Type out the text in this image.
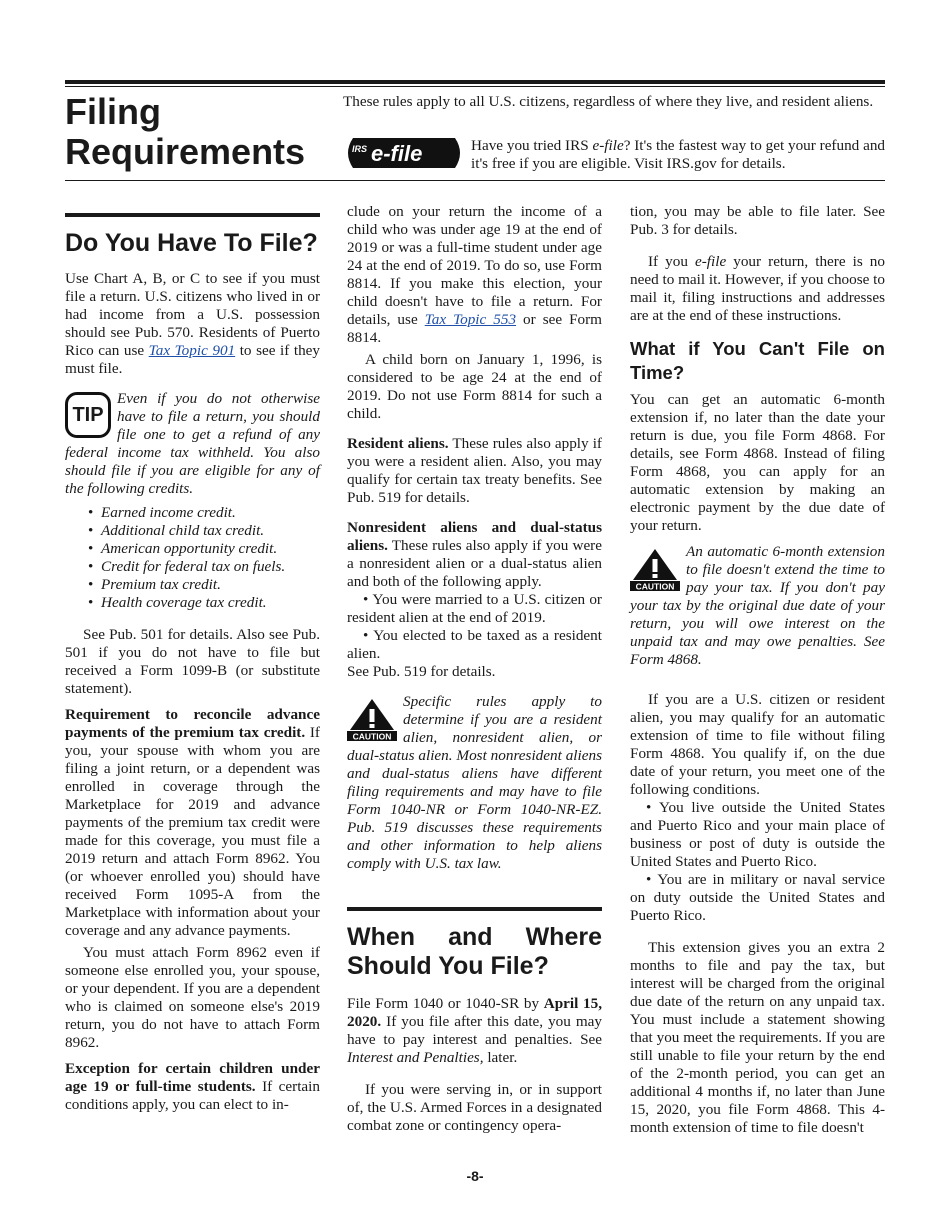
Filing
Requirements

These rules apply to all U.S. citizens, regardless of where they live, and resident aliens.

IRS e-file	Have you tried IRS e-file? It's the fastest way to get your refund and it's free if you are eligible. Visit IRS.gov for details.

Do You Have To File?

Use Chart A, B, or C to see if you must file a return. U.S. citizens who lived in or had income from a U.S. possession should see Pub. 570. Residents of Puerto Rico can use Tax Topic 901 to see if they must file.

TIP

Even if you do not otherwise have to file a return, you should file one to get a refund of any federal income tax withheld. You also should file if you are eligible for any of the following credits.

• Earned income credit.
• Additional child tax credit.
• American opportunity credit.
• Credit for federal tax on fuels.
• Premium tax credit.
• Health coverage tax credit.

See Pub. 501 for details. Also see Pub. 501 if you do not have to file but received a Form 1099-B (or substitute statement).

Requirement to reconcile advance payments of the premium tax credit. If you, your spouse with whom you are filing a joint return, or a dependent was enrolled in coverage through the Marketplace for 2019 and advance payments of the premium tax credit were made for this coverage, you must file a 2019 return and attach Form 8962. You (or whoever enrolled you) should have received Form 1095-A from the Marketplace with information about your coverage and any advance payments.

You must attach Form 8962 even if someone else enrolled you, your spouse, or your dependent. If you are a dependent who is claimed on someone else's 2019 return, you do not have to attach Form 8962.

Exception for certain children under age 19 or full-time students. If certain conditions apply, you can elect to in-

clude on your return the income of a child who was under age 19 at the end of 2019 or was a full-time student under age 24 at the end of 2019. To do so, use Form 8814. If you make this election, your child doesn't have to file a return. For details, use Tax Topic 553 or see Form 8814.

A child born on January 1, 1996, is considered to be age 24 at the end of 2019. Do not use Form 8814 for such a child.

Resident aliens. These rules also apply if you were a resident alien. Also, you may qualify for certain tax treaty benefits. See Pub. 519 for details.

Nonresident aliens and dual-status aliens. These rules also apply if you were a nonresident alien or a dual-status alien and both of the following apply.

• You were married to a U.S. citizen or resident alien at the end of 2019.

• You elected to be taxed as a resident alien.

See Pub. 519 for details.

CAUTION

Specific rules apply to determine if you are a resident alien, nonresident alien, or dual-status alien. Most nonresident aliens and dual-status aliens have different filing requirements and may have to file Form 1040-NR or Form 1040-NR-EZ. Pub. 519 discusses these requirements and other information to help aliens comply with U.S. tax law.

When and Where Should You File?

File Form 1040 or 1040-SR by April 15, 2020. If you file after this date, you may have to pay interest and penalties. See Interest and Penalties, later.

If you were serving in, or in support of, the U.S. Armed Forces in a designated combat zone or contingency opera-

tion, you may be able to file later. See Pub. 3 for details.

If you e-file your return, there is no need to mail it. However, if you choose to mail it, filing instructions and addresses are at the end of these instructions.

What if You Can't File on Time?

You can get an automatic 6-month extension if, no later than the date your return is due, you file Form 4868. For details, see Form 4868. Instead of filing Form 4868, you can apply for an automatic extension by making an electronic payment by the due date of your return.

CAUTION

An automatic 6-month extension to file doesn't extend the time to pay your tax. If you don't pay your tax by the original due date of your return, you will owe interest on the unpaid tax and may owe penalties. See Form 4868.

If you are a U.S. citizen or resident alien, you may qualify for an automatic extension of time to file without filing Form 4868. You qualify if, on the due date of your return, you meet one of the following conditions.

• You live outside the United States and Puerto Rico and your main place of business or post of duty is outside the United States and Puerto Rico.

• You are in military or naval service on duty outside the United States and Puerto Rico.

This extension gives you an extra 2 months to file and pay the tax, but interest will be charged from the original due date of the return on any unpaid tax. You must include a statement showing that you meet the requirements. If you are still unable to file your return by the end of the 2-month period, you can get an additional 4 months if, no later than June 15, 2020, you file Form 4868. This 4-month extension of time to file doesn't

-8-
